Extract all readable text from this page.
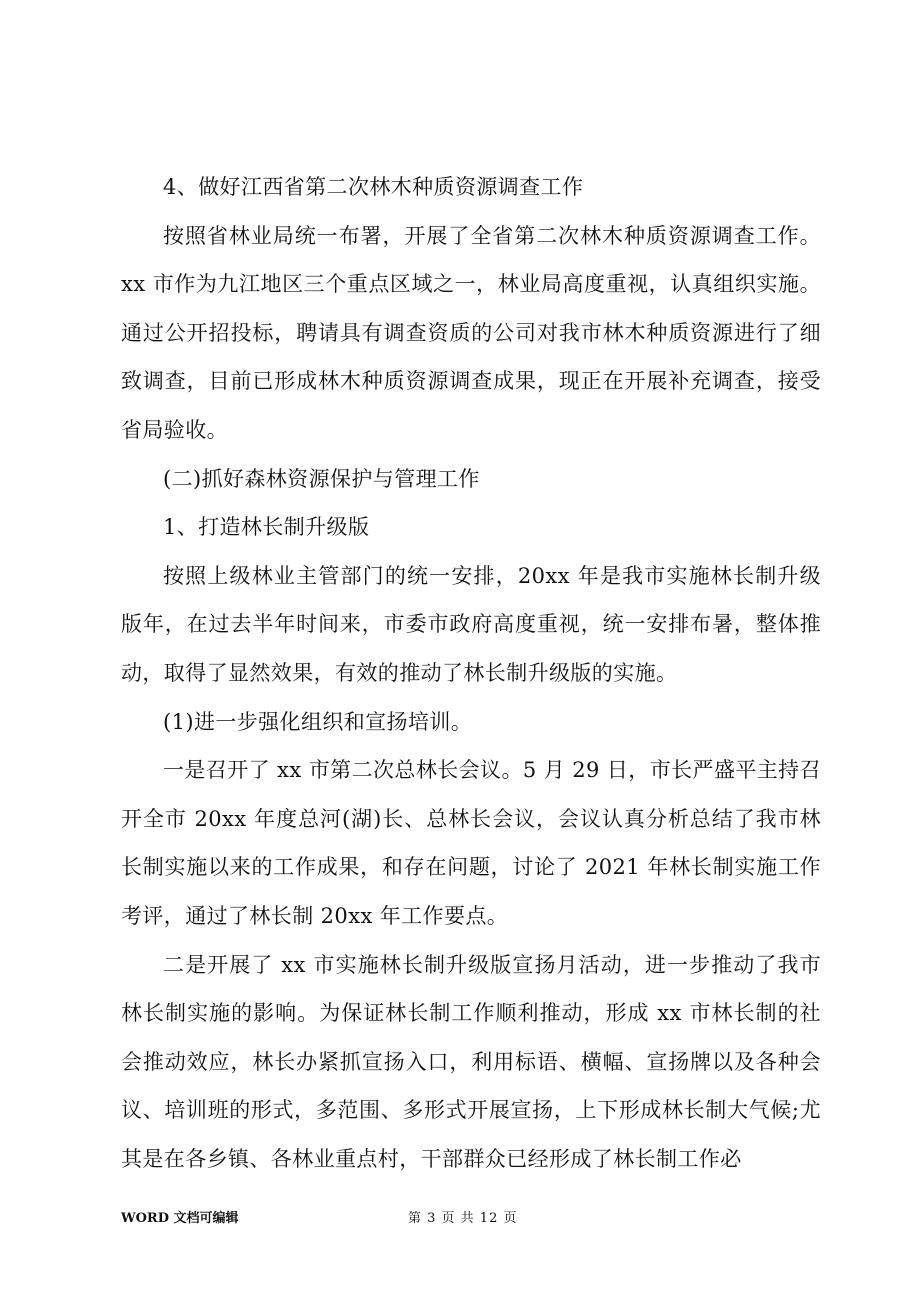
4、做好江西省第二次林木种质资源调查工作

按照省林业局统一布署，开展了全省第二次林木种质资源调查工作。xx 市作为九江地区三个重点区域之一，林业局高度重视，认真组织实施。通过公开招投标，聘请具有调查资质的公司对我市林木种质资源进行了细致调查，目前已形成林木种质资源调查成果，现正在开展补充调查，接受省局验收。

(二)抓好森林资源保护与管理工作

1、打造林长制升级版

按照上级林业主管部门的统一安排，20xx 年是我市实施林长制升级版年，在过去半年时间来，市委市政府高度重视，统一安排布暑，整体推动，取得了显然效果，有效的推动了林长制升级版的实施。

(1)进一步强化组织和宣扬培训。

一是召开了 xx 市第二次总林长会议。5 月 29 日，市长严盛平主持召开全市 20xx 年度总河(湖)长、总林长会议，会议认真分析总结了我市林长制实施以来的工作成果，和存在问题，讨论了 2021 年林长制实施工作考评，通过了林长制 20xx 年工作要点。

二是开展了 xx 市实施林长制升级版宣扬月活动，进一步推动了我市林长制实施的影响。为保证林长制工作顺利推动，形成 xx 市林长制的社会推动效应，林长办紧抓宣扬入口，利用标语、横幅、宣扬牌以及各种会议、培训班的形式，多范围、多形式开展宣扬，上下形成林长制大气候;尤其是在各乡镇、各林业重点村，干部群众已经形成了林长制工作必

WORD 文档可编辑	第 3 页 共 12 页
